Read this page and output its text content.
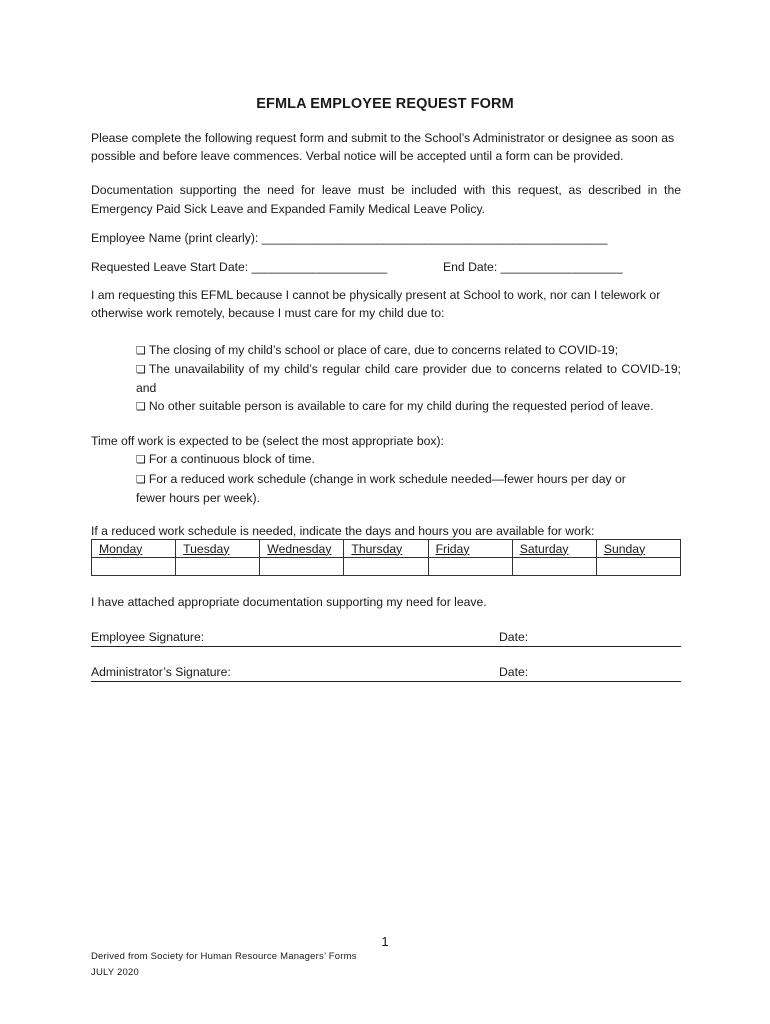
EFMLA EMPLOYEE REQUEST FORM
Please complete the following request form and submit to the School’s Administrator or designee as soon as possible and before leave commences. Verbal notice will be accepted until a form can be provided.
Documentation supporting the need for leave must be included with this request, as described in the Emergency Paid Sick Leave and Expanded Family Medical Leave Policy.
Employee Name (print clearly): ___________________________________________________
Requested Leave Start Date: ____________________	End Date: __________________
I am requesting this EFML because I cannot be physically present at School to work, nor can I telework or otherwise work remotely, because I must care for my child due to:
❏ The closing of my child’s school or place of care, due to concerns related to COVID-19;
❏ The unavailability of my child’s regular child care provider due to concerns related to COVID-19; and
❏ No other suitable person is available to care for my child during the requested period of leave.
Time off work is expected to be (select the most appropriate box):
❏ For a continuous block of time.
❏ For a reduced work schedule (change in work schedule needed—fewer hours per day or fewer hours per week).
If a reduced work schedule is needed, indicate the days and hours you are available for work:
Monday	Tuesday	Wednesday	Thursday	Friday	Saturday	Sunday

I have attached appropriate documentation supporting my need for leave.
Employee Signature:	Date:
Administrator’s Signature:	Date:
1
Derived from Society for Human Resource Managers’ Forms
JULY 2020
